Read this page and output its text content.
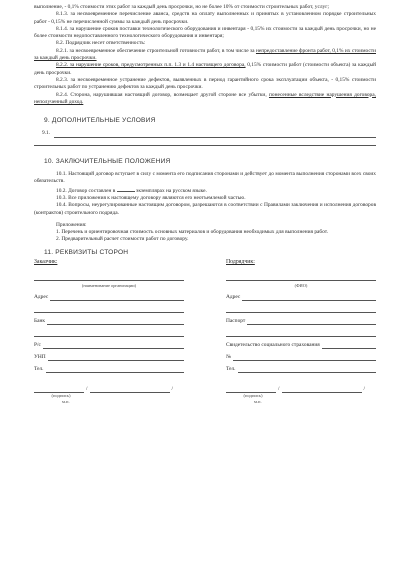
выполнение, - 0,1% стоимости этих работ за каждый день просрочки, но не более 10% от стоимости строительных работ, услуг;

8.1.3. за несвоевременное перечисление аванса, средств на оплату выполненных и принятых в установленном порядке строительных работ - 0,15% не перечисленной суммы за каждый день просрочки.

8.1.4. за нарушение сроков поставки технологического оборудования и инвентаря - 0,15% их стоимости за каждый день просрочки, но не более стоимости недопоставленного технологического оборудования и инвентаря;

8.2. Подрядчик несет ответственность:

8.2.1. за несвоевременное обеспечение строительной готовности работ, в том числе за непредоставление фронта работ, 0,1% их стоимости за каждый день просрочки.

8.2.2. за нарушение сроков, предусмотренных п.п. 1.3 и 1.4 настоящего договора, 0,15% стоимости работ (стоимости объекта) за каждый день просрочки.

8.2.3. за несвоевременное устранение дефектов, выявленных в период гарантийного срока эксплуатации объекта, - 0,15% стоимости строительных работ по устранению дефектов за каждый день просрочки.

8.2.4. Сторона, нарушившая настоящий договор, возмещает другой стороне все убытки, понесенные вследствие нарушения договора, неполученный доход.

9. ДОПОЛНИТЕЛЬНЫЕ УСЛОВИЯ
9.1.
10. ЗАКЛЮЧИТЕЛЬНЫЕ ПОЛОЖЕНИЯ

10.1. Настоящий договор вступает в силу с момента его подписания сторонами и действует до момента выполнения сторонами всех своих обязательств.

10.2. Договор составлен в	экземплярах на русском языке.

10.3. Все приложения к настоящему договору являются его неотъемлемой частью.

10.4. Вопросы, неурегулированные настоящим договором, разрешаются в соответствии с Правилами заключения и исполнения договоров (контрактов) строительного подряда.

Приложения:

1. Перечень и ориентировочная стоимость основных материалов и оборудования необходимых для выполнения работ.

2. Предварительный расчет стоимости работ по договору.

11. РЕКВИЗИТЫ СТОРОН
Заказчик:
(наименование организации)
Адрес
Банк
Р/с
УНП
Тел.
/	/
(подпись)
м.п.
Подрядчик:
(ФИО)
Адрес
Паспорт
Свидетельство социального страхования
№
Тел.
/	/
(подпись)
м.п.
